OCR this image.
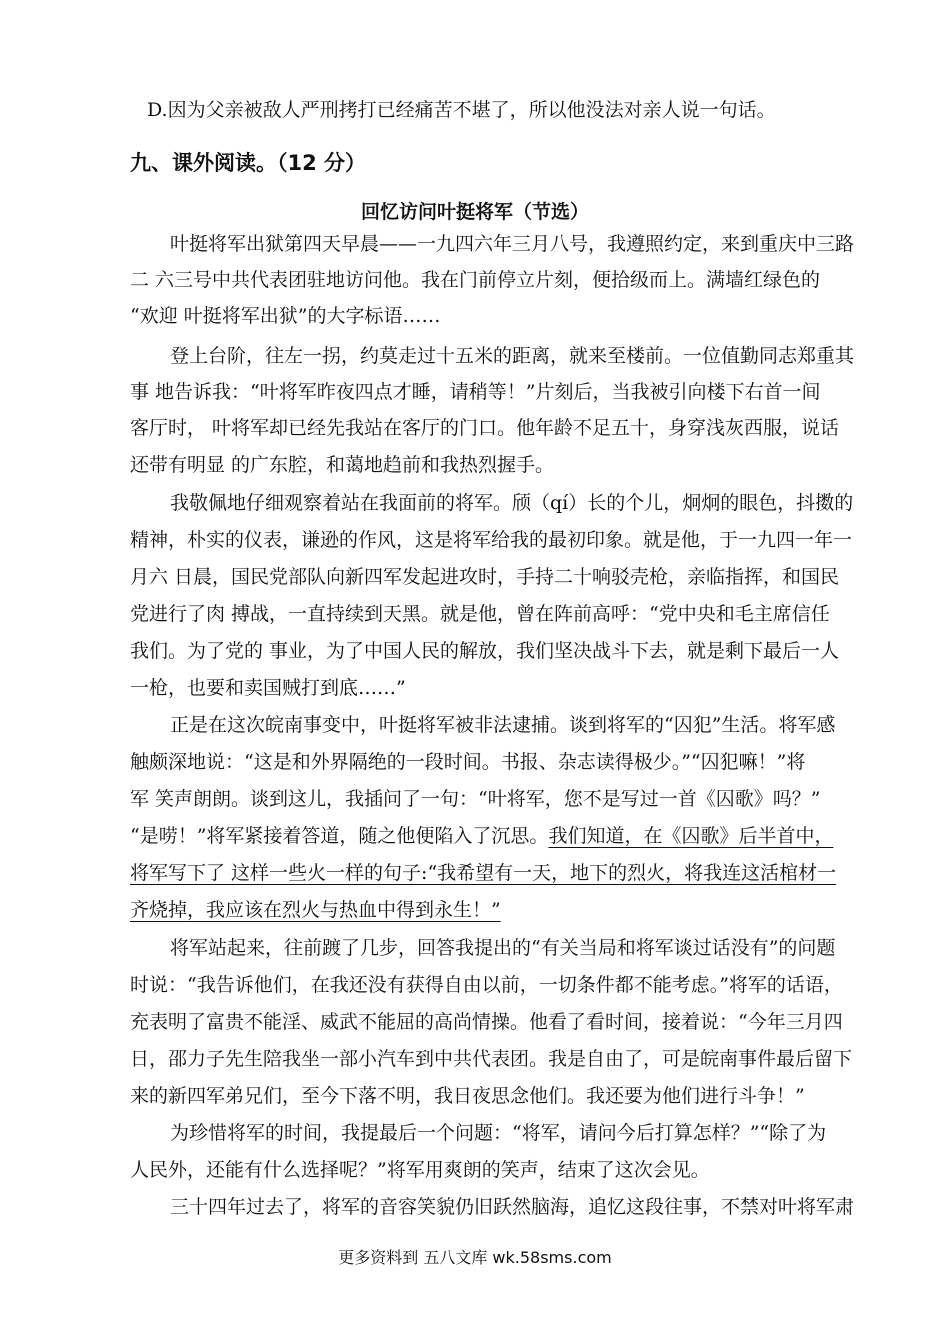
D.因为父亲被敌人严刑拷打已经痛苦不堪了，所以他没法对亲人说一句话。
九、课外阅读。（12 分）
回忆访问叶挺将军（节选）
叶挺将军出狱第四天早晨——一九四六年三月八号，我遵照约定，来到重庆中三路
二 六三号中共代表团驻地访问他。我在门前停立片刻，便拾级而上。满墙红绿色的
“欢迎 叶挺将军出狱”的大字标语……
登上台阶，往左一拐，约莫走过十五米的距离，就来至楼前。一位值勤同志郑重其
事 地告诉我：“叶将军昨夜四点才睡，请稍等！”片刻后，当我被引向楼下右首一间
客厅时， 叶将军却已经先我站在客厅的门口。他年龄不足五十，身穿浅灰西服，说话
还带有明显 的广东腔，和蔼地趋前和我热烈握手。
我敬佩地仔细观察着站在我面前的将军。颀（qí）长的个儿，炯炯的眼色，抖擞的
精神，朴实的仪表，谦逊的作风，这是将军给我的最初印象。就是他，于一九四一年一
月六 日晨，国民党部队向新四军发起进攻时，手持二十响驳壳枪，亲临指挥，和国民
党进行了肉 搏战，一直持续到天黑。就是他，曾在阵前高呼：“党中央和毛主席信任
我们。为了党的 事业，为了中国人民的解放，我们坚决战斗下去，就是剩下最后一人
一枪，也要和卖国贼打到底……”
正是在这次皖南事变中，叶挺将军被非法逮捕。谈到将军的“囚犯”生活。将军感
触颇深地说：“这是和外界隔绝的一段时间。书报、杂志读得极少。”“囚犯嘛！”将
军 笑声朗朗。谈到这儿，我插问了一句：“叶将军，您不是写过一首《囚歌》吗？”
“是唠！”将军紧接着答道，随之他便陷入了沉思。我们知道，在《囚歌》后半首中，
将军写下了 这样一些火一样的句子:“我希望有一天，地下的烈火，将我连这活棺材一
齐烧掉，我应该在烈火与热血中得到永生！”
将军站起来，往前踱了几步，回答我提出的“有关当局和将军谈过话没有”的问题
时说：“我告诉他们，在我还没有获得自由以前，一切条件都不能考虑。”将军的话语，
充表明了富贵不能淫、威武不能屈的高尚情操。他看了看时间，接着说：“今年三月四
日，邵力子先生陪我坐一部小汽车到中共代表团。我是自由了，可是皖南事件最后留下
来的新四军弟兄们，至今下落不明，我日夜思念他们。我还要为他们进行斗争！”
为珍惜将军的时间，我提最后一个问题：“将军，请问今后打算怎样？”“除了为
人民外，还能有什么选择呢？”将军用爽朗的笑声，结束了这次会见。
三十四年过去了，将军的音容笑貌仍旧跃然脑海，追忆这段往事，不禁对叶将军肃
更多资料到 五八文库 wk.58sms.com
